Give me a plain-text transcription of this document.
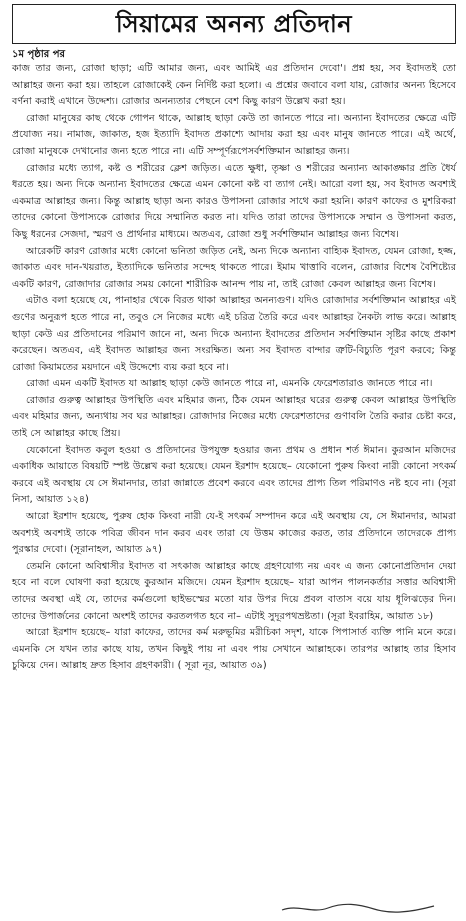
সিয়ামের অনন্য প্রতিদান

১ম পৃষ্ঠার পর

কাজ তার জন্য, রোজা ছাড়া; এটি আমার জন্য, এবং আমিই এর প্রতিদান দেবো'। প্রশ্ন হয়, সব ইবাদতই তো আল্লাহর জন্য করা হয়। তাহলে রোজাকেই কেন নির্দিষ্ট করা হলো। এ প্রশ্নের জবাবে বলা যায়, রোজার অনন্য হিসেবে বর্ণনা করাই এখানে উদ্দেশ্য। রোজার অনন্যতার পেছনে বেশ কিছু কারণ উল্লেখ করা হয়।

রোজা মানুষের কাছ থেকে গোপন থাকে, আল্লাহ ছাড়া কেউ তা জানতে পারে না। অন্যান্য ইবাদতের ক্ষেত্রে এটি প্রযোজ্য নয়। নামাজ, জাকাত, হজ ইত্যাদি ইবাদত প্রকাশ্যে আদায় করা হয় এবং মানুষ জানতে পারে। এই অর্থে, রোজা মানুষকে দেখানোর জন্য হতে পারে না। এটি সম্পূর্ণরূপেসর্বশক্তিমান আল্লাহর জন্য।

রোজার মধ্যে ত্যাগ, কষ্ট ও শরীরের ক্লেশ জড়িত। এতে ক্ষুধা, তৃষ্ণা ও শরীরের অন্যান্য আকাঙ্ক্ষার প্রতি ধৈর্য ধরতে হয়। অন্য দিকে অন্যান্য ইবাদতের ক্ষেত্রে এমন কোনো কষ্ট বা ত্যাগ নেই। আরো বলা হয়, সব ইবাদত অবশ্যই একমাত্র আল্লাহর জন্য। কিন্তু আল্লাহ ছাড়া অন্য কারও উপাসনা রোজার সাথে করা হয়নি। কারণ কাফের ও মুশরিকরা তাদের কোনো উপাস্যকে রোজার দিয়ে সম্মানিত করত না। যদিও তারা তাদের উপাস্যকে সম্মান ও উপাসনা করত, কিছু ধরনের সেজদা, স্মরণ ও প্রার্থনার মাধ্যমে। অতএব, রোজা শুধু সর্বশক্তিমান আল্লাহর জন্য বিশেষ।

আরেকটি কারণ রোজার মধ্যে কোনো ভনিতা জড়িত নেই, অন্য দিকে অন্যান্য বাহ্যিক ইবাদত, যেমন রোজা, হজ্জ, জাকাত এবং দান-খয়রাত, ইত্যাদিকে ভনিতার সন্দেহ থাকতে পারে। ইমাম খাত্তাবি বলেন, রোজার বিশেষ বৈশিষ্ট্যের একটি কারণ, রোজাদার রোজার সময় কোনো শারীরিক আনন্দ পায় না, তাই রোজা কেবল আল্লাহর জন্য বিশেষ।

এটাও বলা হয়েছে যে, পানাহার থেকে বিরত থাকা আল্লাহর অনন্যগুণ। যদিও রোজাদার সর্বশক্তিমান আল্লাহর এই গুণের অনুরূপ হতে পারে না, তবুও সে নিজের মধ্যে এই চরিত্র তৈরি করে এবং আল্লাহর নৈকট্য লাভ করে। আল্লাহ ছাড়া কেউ এর প্রতিদানের পরিমাণ জানে না, অন্য দিকে অন্যান্য ইবাদতের প্রতিদান সর্বশক্তিমান সৃষ্টির কাছে প্রকাশ করেছেন। অতএব, এই ইবাদত আল্লাহর জন্য সংরক্ষিত। অন্য সব ইবাদত বান্দার ত্রুটি-বিচ্যুতি পূরণ করবে; কিন্তু রোজা কিয়ামতের ময়দানে এই উদ্দেশ্যে ব্যয় করা হবে না।

রোজা এমন একটি ইবাদত যা আল্লাহ ছাড়া কেউ জানতে পারে না, এমনকি ফেরেশতারাও জানতে পারে না।

রোজার গুরুত্ব আল্লাহর উপস্থিতি এবং মহিমার জন্য, ঠিক যেমন আল্লাহর ঘরের গুরুত্ব কেবল আল্লাহর উপস্থিতি এবং মহিমার জন্য, অন্যথায় সব ঘর আল্লাহর। রোজাদার নিজের মধ্যে ফেরেশতাদের গুণাবলি তৈরি করার চেষ্টা করে, তাই সে আল্লাহর কাছে প্রিয়।

যেকোনো ইবাদত কবুল হওয়া ও প্রতিদানের উপযুক্ত হওয়ার জন্য প্রথম ও প্রধান শর্ত ঈমান। কুরআন মজিদের একাধিক আয়াতে বিষয়টি স্পষ্ট উল্লেখ করা হয়েছে। যেমন ইরশাদ হয়েছে– যেকোনো পুরুষ কিংবা নারী কোনো সৎকর্ম করবে এই অবস্থায় যে সে ঈমানদার, তারা জান্নাতে প্রবেশ করবে এবং তাদের প্রাপ্য তিল পরিমাণও নষ্ট হবে না। (সূরা নিসা, আয়াত ১২৪)

আরো ইরশাদ হয়েছে, পুরুষ হোক কিংবা নারী যে-ই সৎকর্ম সম্পাদন করে এই অবস্থায় যে, সে ঈমানদার, আমরা অবশ্যই অবশ্যই তাকে পবিত্র জীবন দান করব এবং তারা যে উত্তম কাজের করত, তার প্রতিদানে তাদেরকে প্রাপ্য পুরস্কার দেবো। (সূরানাহল, আয়াত ৯৭)

তেমনি কোনো অবিশ্বাসীর ইবাদত বা সৎকাজ আল্লাহর কাছে গ্রহণযোগ্য নয় এবং এ জন্য কোনোপ্রতিদান দেয়া হবে না বলে ঘোষণা করা হয়েছে কুরআন মজিদে। যেমন ইরশাদ হয়েছে– যারা আপন পালনকর্তার সত্তার অবিশ্বাসী তাদের অবস্থা এই যে, তাদের কর্মগুলো ছাইভস্মের মতো যার উপর দিয়ে প্রবল বাতাস বয়ে যায় ধূলিঝড়ের দিন। তাদের উপার্জনের কোনো অংশই তাদের করতলগত হবে না– এটাই সুদূরপথভ্রষ্টতা। (সূরা ইবরাহিম, আয়াত ১৮)

আরো ইরশাদ হয়েছে– যারা কাফের, তাদের কর্ম মরুভূমির মরীচিকা সদৃশ, যাকে পিপাসার্ত ব্যক্তি পানি মনে করে। এমনকি সে যখন তার কাছে যায়, তখন কিছুই পায় না এবং পায় সেখানে আল্লাহকে। তারপর আল্লাহ তার হিসাব চুকিয়ে দেন। আল্লাহ দ্রুত হিসাব গ্রহণকারী। ( সূরা নূর, আয়াত ৩৯)
